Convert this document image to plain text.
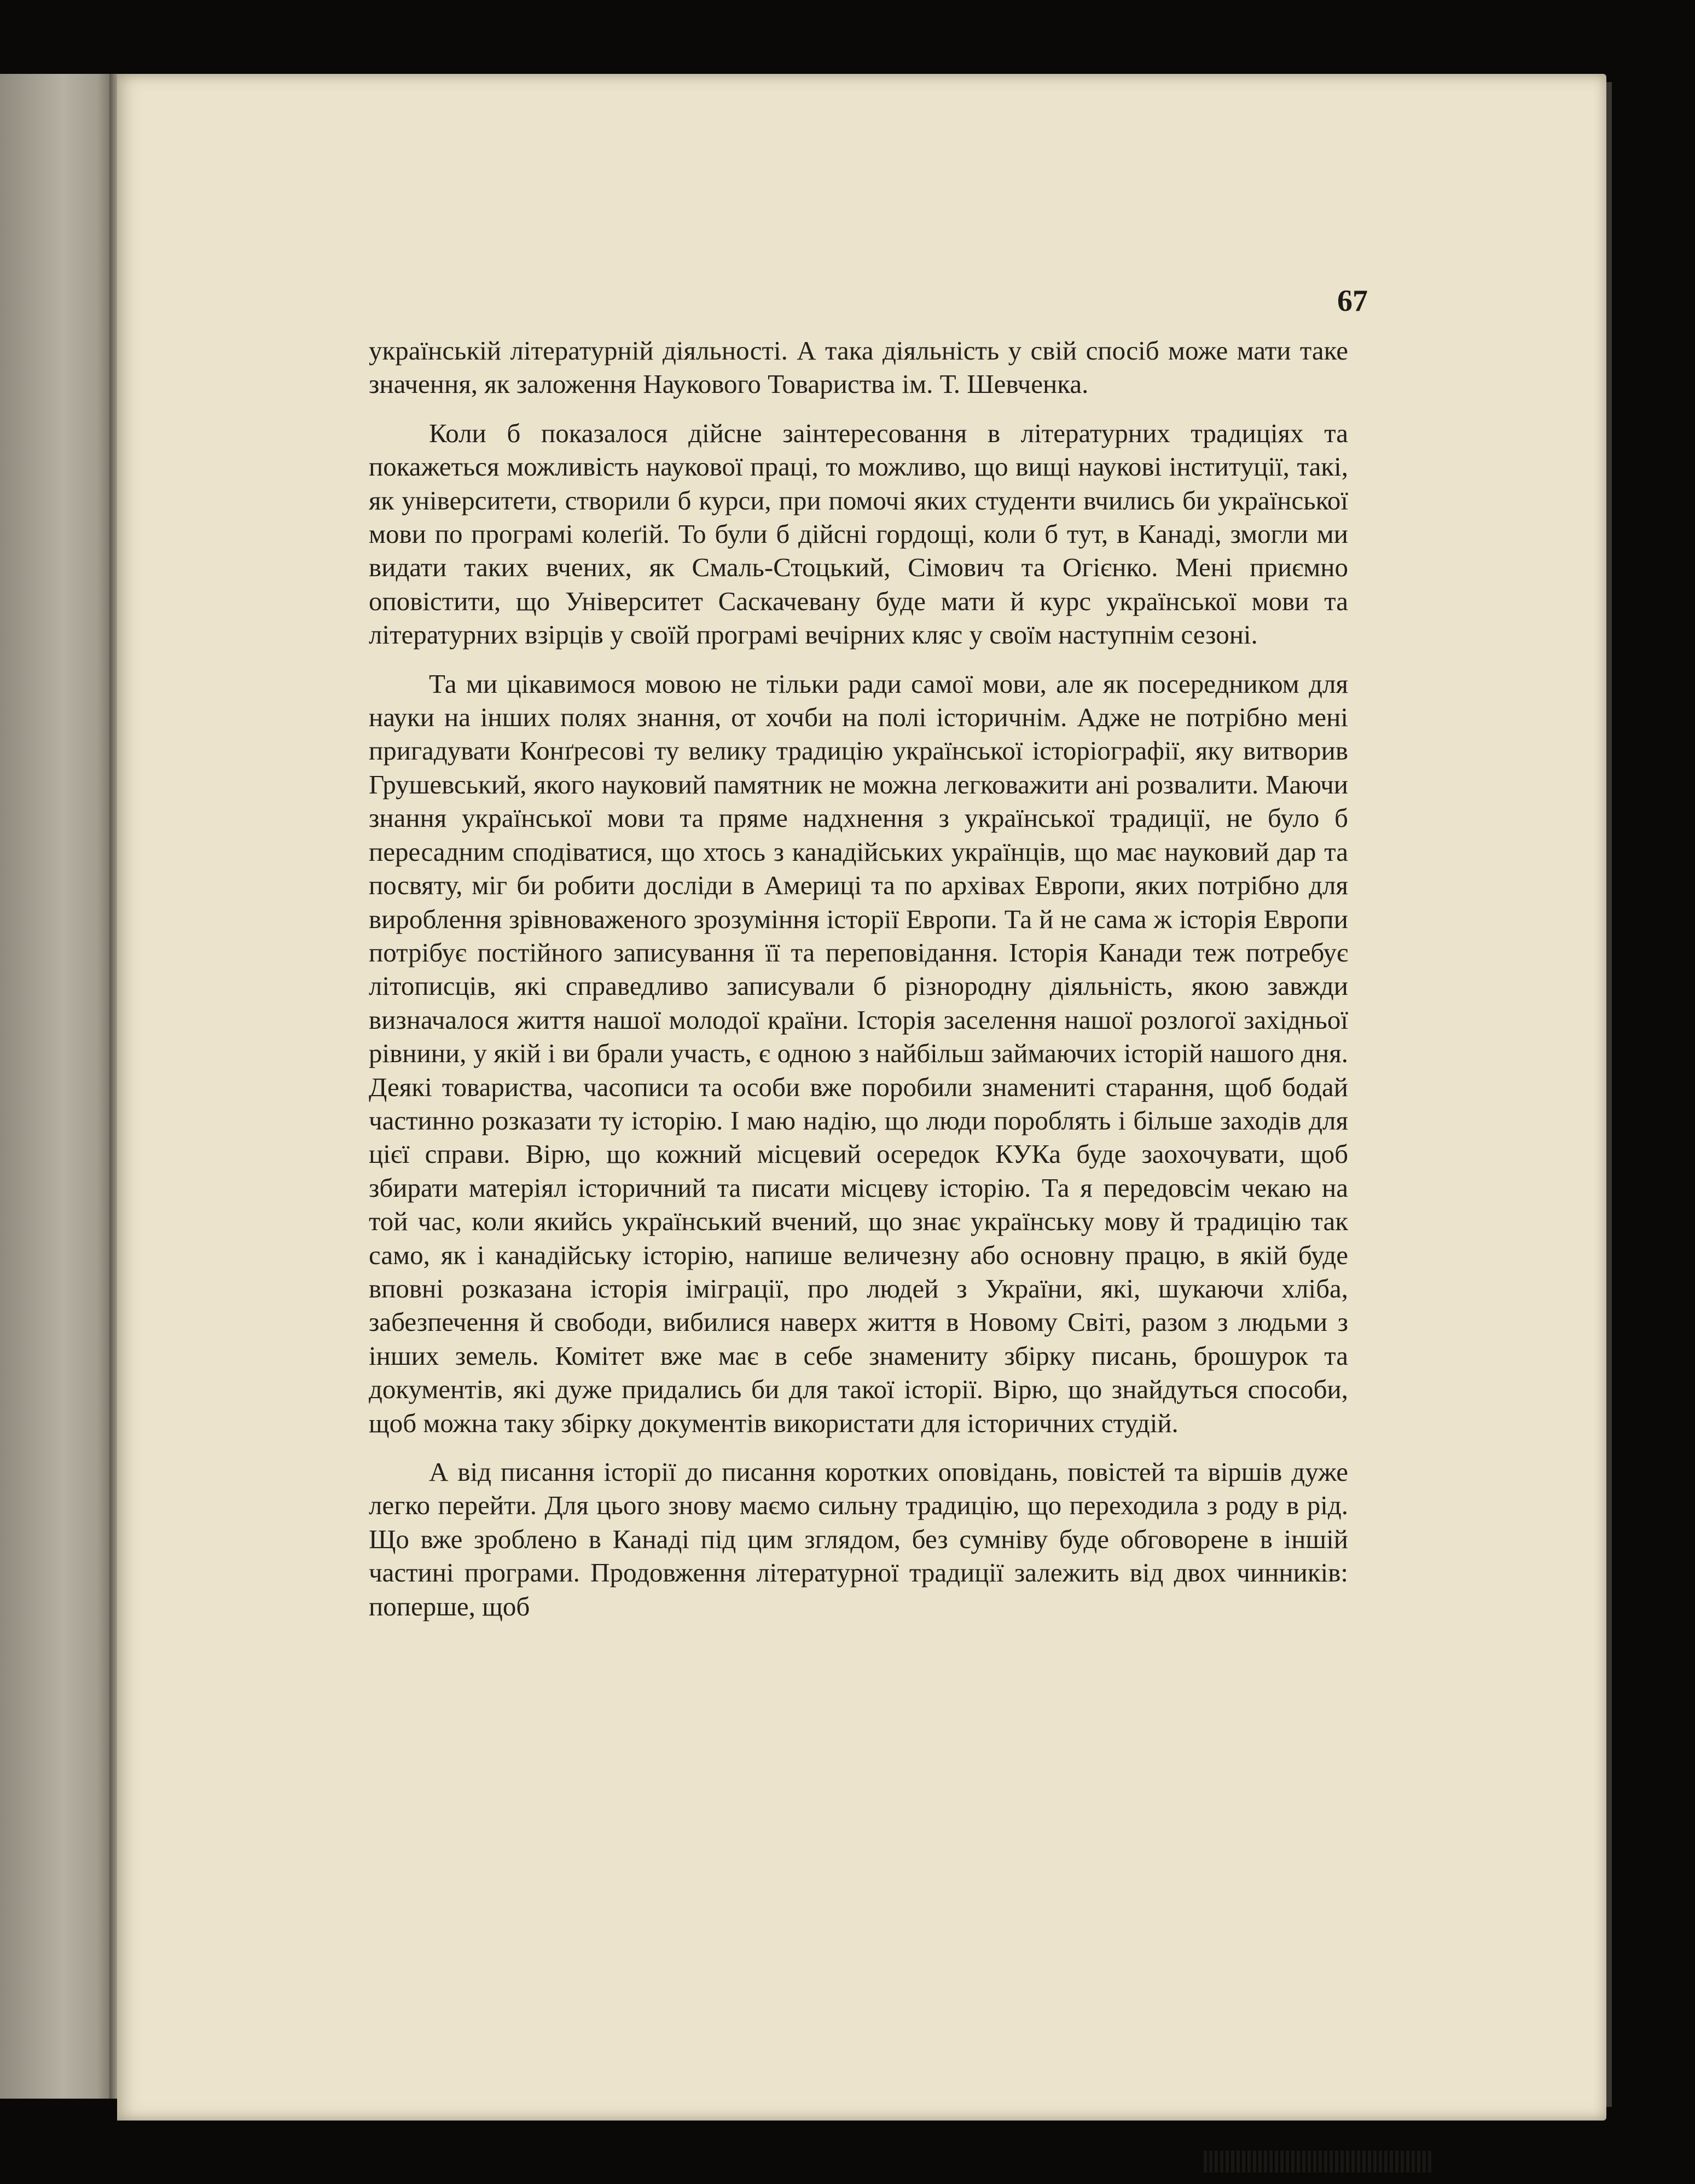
67

українській літературній діяльності. А така діяльність у свій спосіб може мати таке значення, як заложення Наукового Товариства ім. Т. Шевченка.

Коли б показалося дійсне заінтересовання в літературних традиціях та покажеться можливість наукової праці, то можливо, що вищі наукові інституції, такі, як університети, створили б курси, при помочі яких студенти вчились би української мови по програмі колеґій. То були б дійсні гордощі, коли б тут, в Канаді, змогли ми видати таких вчених, як Смаль-Стоцький, Сімович та Огієнко. Мені приємно оповістити, що Університет Саскачевану буде мати й курс української мови та літературних взірців у своїй програмі вечірних кляс у своїм наступнім сезоні.

Та ми цікавимося мовою не тільки ради самої мови, але як посередником для науки на інших полях знання, от хочби на полі історичнім. Адже не потрібно мені пригадувати Конґресові ту велику традицію української історіографії, яку витворив Грушевський, якого науковий памятник не можна легковажити ані розвалити. Маючи знання української мови та пряме надхнення з української традиції, не було б пересадним сподіватися, що хтось з канадійських українців, що має науковий дар та посвяту, міг би робити досліди в Америці та по архівах Европи, яких потрібно для вироблення зрівноваженого зрозуміння історії Европи. Та й не сама ж історія Европи потрібує постійного записування її та переповідання. Історія Канади теж потребує літописців, які справедливо записували б різнородну діяльність, якою завжди визначалося життя нашої молодої країни. Історія заселення нашої розлогої західньої рівнини, у якій і ви брали участь, є одною з найбільш займаючих історій нашого дня. Деякі товариства, часописи та особи вже поробили знамениті старання, щоб бодай частинно розказати ту історію. І маю надію, що люди пороблять і більше заходів для цієї справи. Вірю, що кожний місцевий осередок КУКа буде заохочувати, щоб збирати матеріял історичний та писати місцеву історію. Та я передовсім чекаю на той час, коли якийсь український вчений, що знає українську мову й традицію так само, як і канадійську історію, напише величезну або основну працю, в якій буде вповні розказана історія іміграції, про людей з України, які, шукаючи хліба, забезпечення й свободи, вибилися наверх життя в Новому Світі, разом з людьми з інших земель. Комітет вже має в себе знамениту збірку писань, брошурок та документів, які дуже придались би для такої історії. Вірю, що знайдуться способи, щоб можна таку збірку документів використати для історичних студій.

А від писання історії до писання коротких оповідань, повістей та віршів дуже легко перейти. Для цього знову маємо сильну традицію, що переходила з роду в рід. Що вже зроблено в Канаді під цим зглядом, без сумніву буде обговорене в іншій частині програми. Продовження літературної традиції залежить від двох чинників: поперше, щоб
